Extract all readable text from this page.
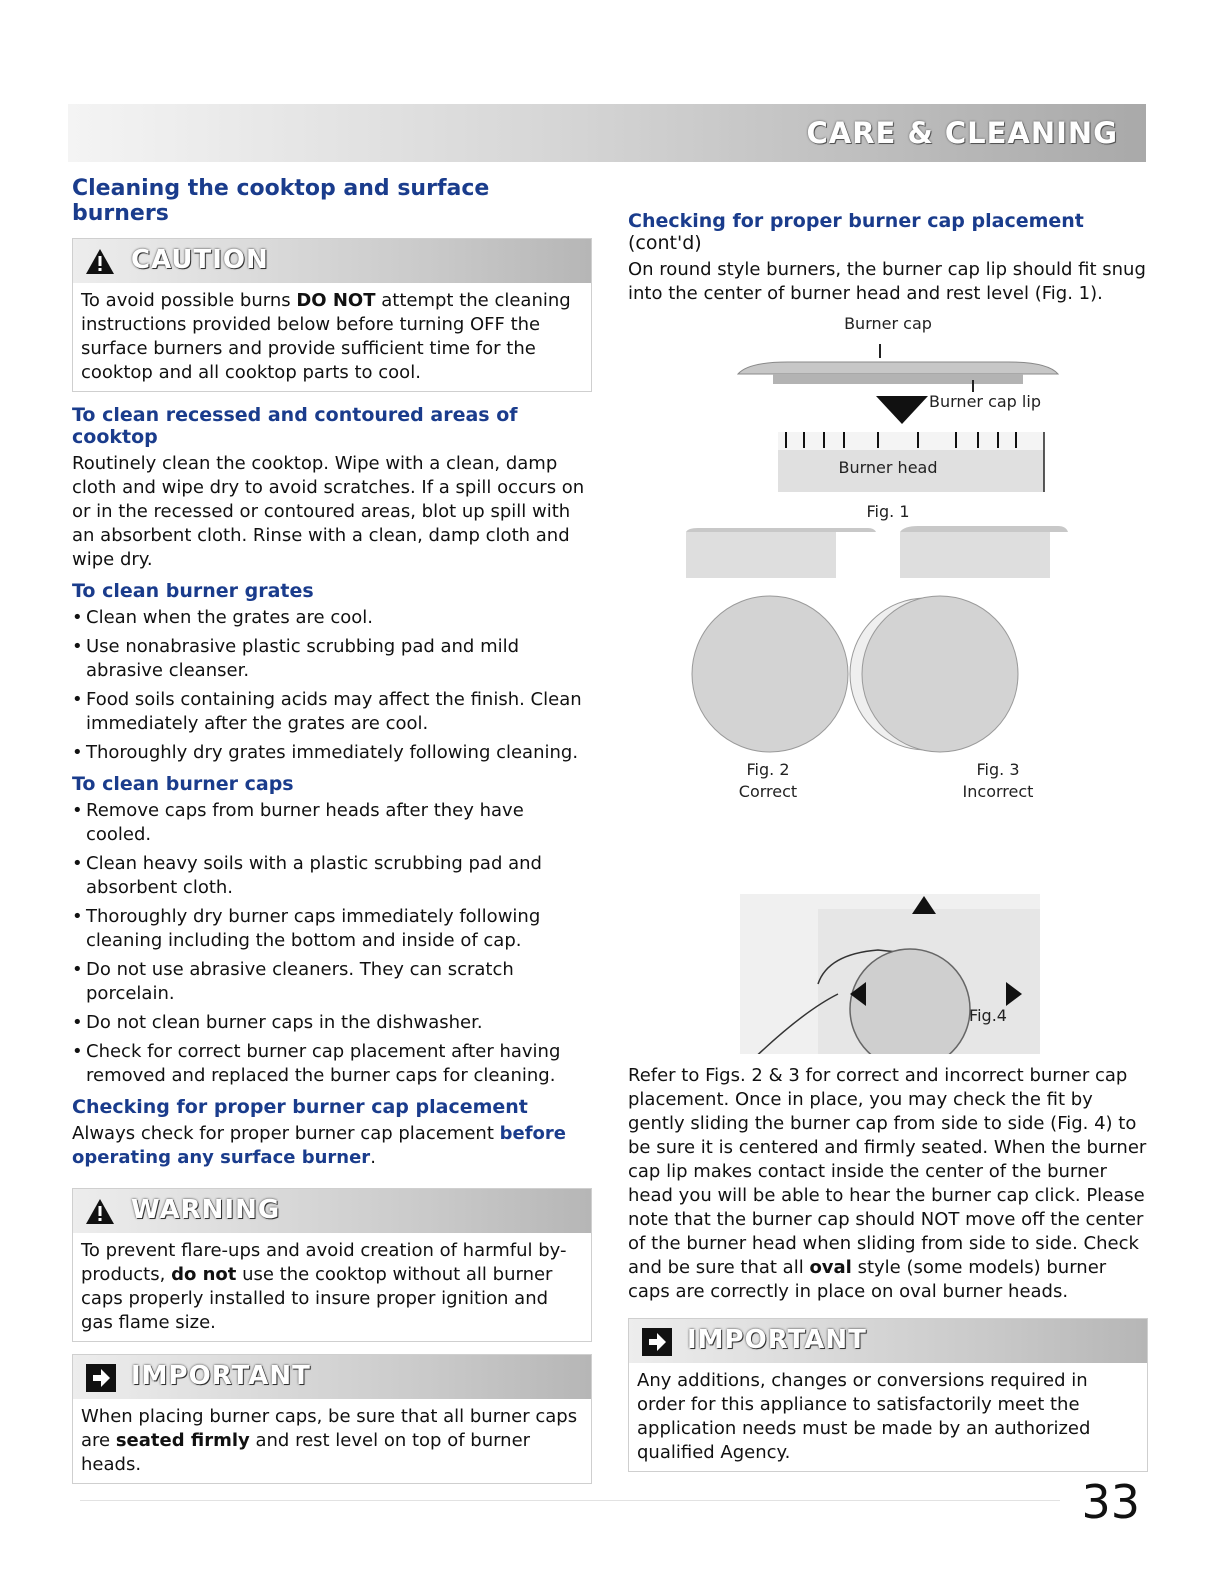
CARE & CLEANING
Cleaning the cooktop and surface burners
CAUTION
To avoid possible burns DO NOT attempt the cleaning instructions provided below before turning OFF the surface burners and provide sufficient time for the cooktop and all cooktop parts to cool.
To clean recessed and contoured areas of cooktop

Routinely clean the cooktop. Wipe with a clean, damp cloth and wipe dry to avoid scratches. If a spill occurs on or in the recessed or contoured areas, blot up spill with an absorbent cloth. Rinse with a clean, damp cloth and wipe dry.

To clean burner grates
• Clean when the grates are cool.
• Use nonabrasive plastic scrubbing pad and mild abrasive cleanser.
• Food soils containing acids may affect the finish. Clean immediately after the grates are cool.
• Thoroughly dry grates immediately following cleaning.
To clean burner caps
• Remove caps from burner heads after they have cooled.
• Clean heavy soils with a plastic scrubbing pad and absorbent cloth.
• Thoroughly dry burner caps immediately following cleaning including the bottom and inside of cap.
• Do not use abrasive cleaners. They can scratch porcelain.
• Do not clean burner caps in the dishwasher.
• Check for correct burner cap placement after having removed and replaced the burner caps for cleaning.
Checking for proper burner cap placement

Always check for proper burner cap placement before operating any surface burner.

WARNING
To prevent flare-ups and avoid creation of harmful by-products, do not use the cooktop without all burner caps properly installed to insure proper ignition and gas flame size.
IMPORTANT
When placing burner caps, be sure that all burner caps are seated firmly and rest level on top of burner heads.
Checking for proper burner cap placement (cont'd)

On round style burners, the burner cap lip should fit snug into the center of burner head and rest level (Fig. 1).

Burner cap
Burner cap lip
Burner head
Fig. 1
Fig. 2
Correct
Fig. 3
Incorrect
Fig.4

Refer to Figs. 2 & 3 for correct and incorrect burner cap placement. Once in place, you may check the fit by gently sliding the burner cap from side to side (Fig. 4) to be sure it is centered and firmly seated. When the burner cap lip makes contact inside the center of the burner head you will be able to hear the burner cap click. Please note that the burner cap should NOT move off the center of the burner head when sliding from side to side. Check and be sure that all oval style (some models) burner caps are correctly in place on oval burner heads.

IMPORTANT
Any additions, changes or conversions required in order for this appliance to satisfactorily meet the application needs must be made by an authorized qualified Agency.
33
